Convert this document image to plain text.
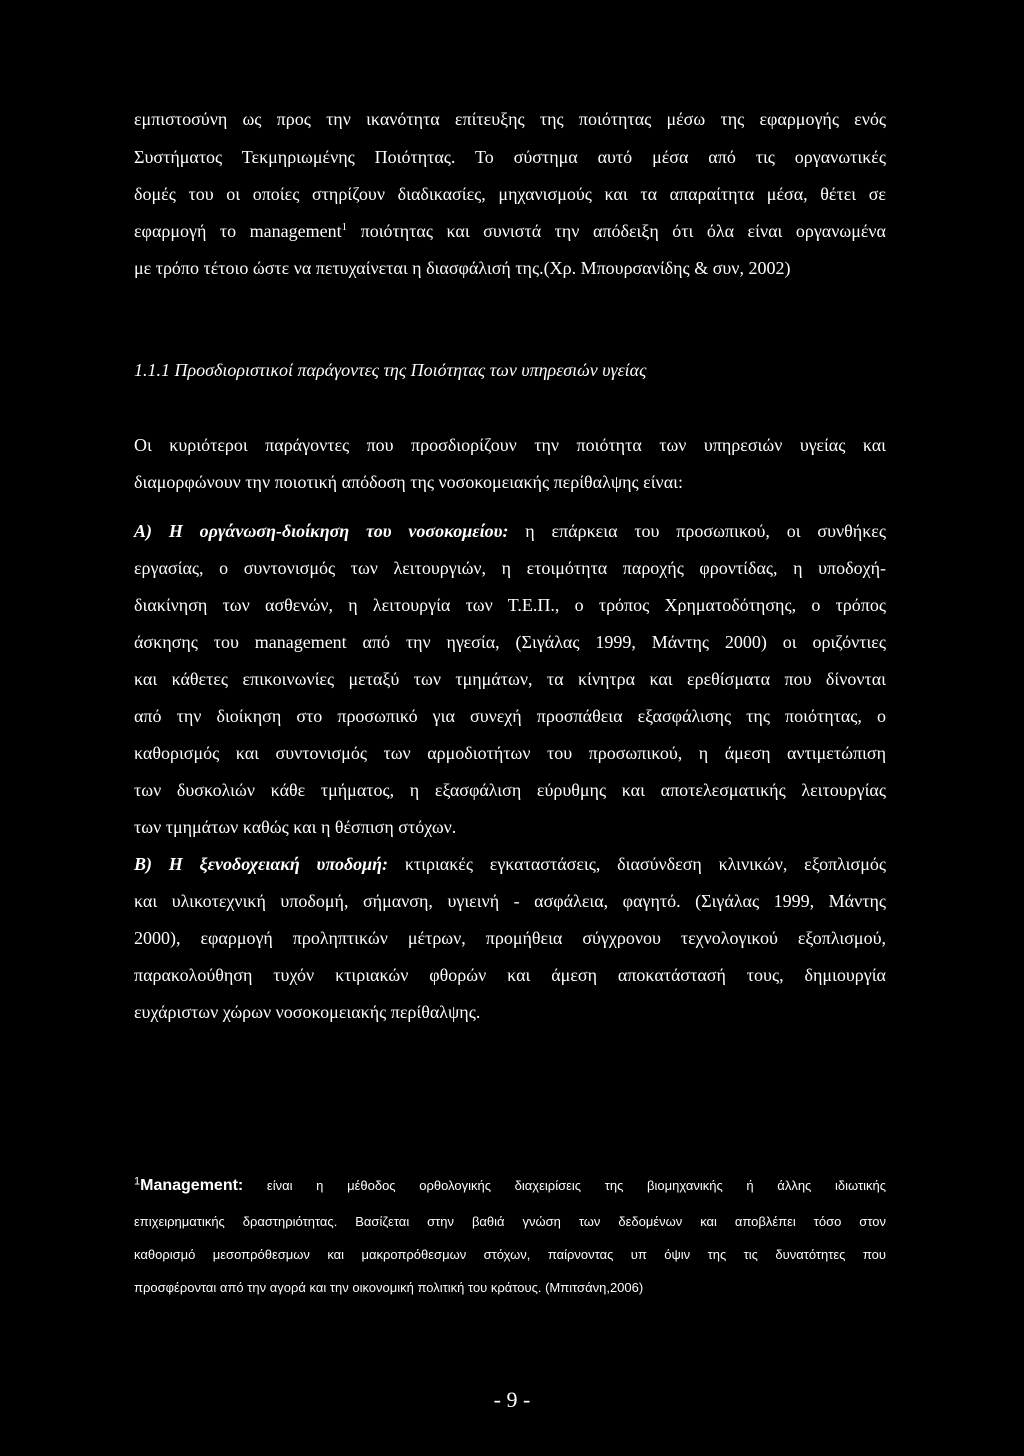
εμπιστοσύνη ως προς την ικανότητα επίτευξης της ποιότητας μέσω της εφαρμογής ενός
Συστήματος Τεκμηριωμένης Ποιότητας. Το σύστημα αυτό μέσα από τις οργανωτικές
δομές του οι οποίες στηρίζουν διαδικασίες, μηχανισμούς και τα απαραίτητα μέσα, θέτει σε
εφαρμογή το management$^1$ ποιότητας και συνιστά την απόδειξη ότι όλα είναι οργανωμένα
με τρόπο τέτοιο ώστε να πετυχαίνεται η διασφάλισή της.(Χρ. Μπουρσανίδης & συν, 2002)
1.1.1 Προσδιοριστικοί παράγοντες της Ποιότητας των υπηρεσιών υγείας
Οι κυριότεροι παράγοντες που προσδιορίζουν την ποιότητα των υπηρεσιών υγείας και
διαμορφώνουν την ποιοτική απόδοση της νοσοκομειακής περίθαλψης είναι:
Α) Η οργάνωση-διοίκηση του νοσοκομείου: η επάρκεια του προσωπικού, οι συνθήκες
εργασίας, ο συντονισμός των λειτουργιών, η ετοιμότητα παροχής φροντίδας, η υποδοχή-
διακίνηση των ασθενών, η λειτουργία των Τ.Ε.Π., ο τρόπος Χρηματοδότησης, ο τρόπος
άσκησης του management από την ηγεσία, (Σιγάλας 1999, Μάντης 2000) οι οριζόντιες
και κάθετες επικοινωνίες μεταξύ των τμημάτων, τα κίνητρα και ερεθίσματα που δίνονται
από την διοίκηση στο προσωπικό για συνεχή προσπάθεια εξασφάλισης της ποιότητας, ο
καθορισμός και συντονισμός των αρμοδιοτήτων του προσωπικού, η άμεση αντιμετώπιση
των δυσκολιών κάθε τμήματος, η εξασφάλιση εύρυθμης και αποτελεσματικής λειτουργίας
των τμημάτων καθώς και η θέσπιση στόχων.
Β) Η ξενοδοχειακή υποδομή: κτιριακές εγκαταστάσεις, διασύνδεση κλινικών, εξοπλισμός
και υλικοτεχνική υποδομή, σήμανση, υγιεινή - ασφάλεια, φαγητό. (Σιγάλας 1999, Μάντης
2000), εφαρμογή προληπτικών μέτρων, προμήθεια σύγχρονου τεχνολογικού εξοπλισμού,
παρακολούθηση τυχόν κτιριακών φθορών και άμεση αποκατάστασή τους, δημιουργία
ευχάριστων χώρων νοσοκομειακής περίθαλψης.
$^1$Management: είναι η μέθοδος ορθολογικής διαχειρίσεις της βιομηχανικής ή άλλης ιδιωτικής
επιχειρηματικής δραστηριότητας. Βασίζεται στην βαθιά γνώση των δεδομένων και αποβλέπει τόσο στον
καθορισμό μεσοπρόθεσμων και μακροπρόθεσμων στόχων, παίρνοντας υπ όψιν της τις δυνατότητες που
προσφέρονται από την αγορά και την οικονομική πολιτική του κράτους. (Μπιτσάνη,2006)
- 9 -
